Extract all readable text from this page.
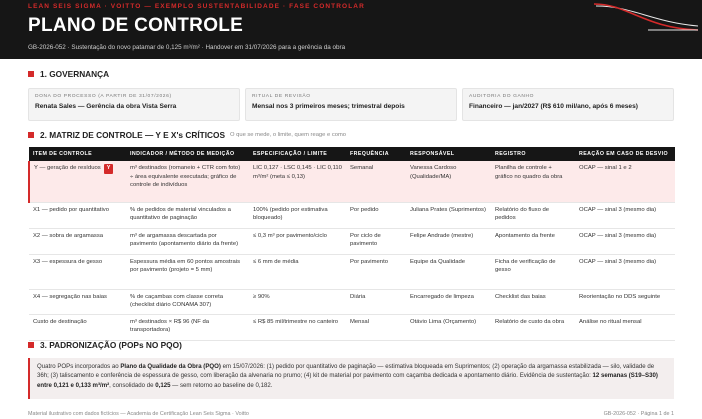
LEAN SEIS SIGMA · VOITTO — EXEMPLO SUSTENTABILIDADE · FASE CONTROLAR
PLANO DE CONTROLE
GB-2026-052 · Sustentação do novo patamar de 0,125 m³/m² · Handover em 31/07/2026 para a gerência da obra
1. GOVERNANÇA
DONA DO PROCESSO (A PARTIR DE 31/07/2026)
Renata Sales — Gerência da obra Vista Serra
RITUAL DE REVISÃO
Mensal nos 3 primeiros meses; trimestral depois
AUDITORIA DO GANHO
Financeiro — jan/2027 (R$ 610 mil/ano, após 6 meses)
2. MATRIZ DE CONTROLE — Y E X's CRÍTICOS O que se mede, o limite, quem reage e como
ITEM DE CONTROLE	INDICADOR / MÉTODO DE MEDIÇÃO	ESPECIFICAÇÃO / LIMITE	FREQUÊNCIA	RESPONSÁVEL	REGISTRO	REAÇÃO EM CASO DE DESVIO
Y — geração de resíduos Y	m³ destinados (romaneio + CTR com foto) ÷ área equivalente executada; gráfico de controle de indivíduos	LIC 0,127 · LSC 0,145 · LIC 0,110 m³/m² (meta ≤ 0,13)	Semanal	Vanessa Cardoso (Qualidade/MA)	Planilha de controle + gráfico no quadro da obra	OCAP — sinal 1 e 2
X1 — pedido por quantitativo	% de pedidos de material vinculados a quantitativo de paginação	100% (pedido por estimativa bloqueado)	Por pedido	Juliana Prates (Suprimentos)	Relatório do fluxo de pedidos	OCAP — sinal 3 (mesmo dia)
X2 — sobra de argamassa	m³ de argamassa descartada por pavimento (apontamento diário da frente)	≤ 0,3 m³ por pavimento/ciclo	Por ciclo de pavimento	Felipe Andrade (mestre)	Apontamento da frente	OCAP — sinal 3 (mesmo dia)
X3 — espessura de gesso	Espessura média em 60 pontos amostrais por pavimento (projeto = 5 mm)	≤ 6 mm de média	Por pavimento	Equipe da Qualidade	Ficha de verificação de gesso	OCAP — sinal 3 (mesmo dia)
X4 — segregação nas baias	% de caçambas com classe correta (checklist diário CONAMA 307)	≥ 90%	Diária	Encarregado de limpeza	Checklist das baias	Reorientação no DDS seguinte
Custo de destinação	m³ destinados × R$ 96 (NF da transportadora)	≤ R$ 85 mil/trimestre no canteiro	Mensal	Otávio Lima (Orçamento)	Relatório de custo da obra	Análise no ritual mensal
3. PADRONIZAÇÃO (POPs NO PQO)
Quatro POPs incorporados ao Plano da Qualidade da Obra (PQO) em 15/07/2026: (1) pedido por quantitativo de paginação — estimativa bloqueada em Suprimentos; (2) operação da argamassa estabilizada — silo, validade de 36h; (3) taliscamento e conferência de espessura de gesso, com liberação da alvenaria no prumo; (4) kit de material por pavimento com caçamba dedicada e apontamento diário. Evidência de sustentação: 12 semanas (S19–S30) entre 0,121 e 0,133 m³/m², consolidado de 0,125 — sem retorno ao baseline de 0,182.
Material ilustrativo com dados fictícios — Academia de Certificação Lean Seis Sigma · Voitto	GB-2026-052 · Página 1 de 1
